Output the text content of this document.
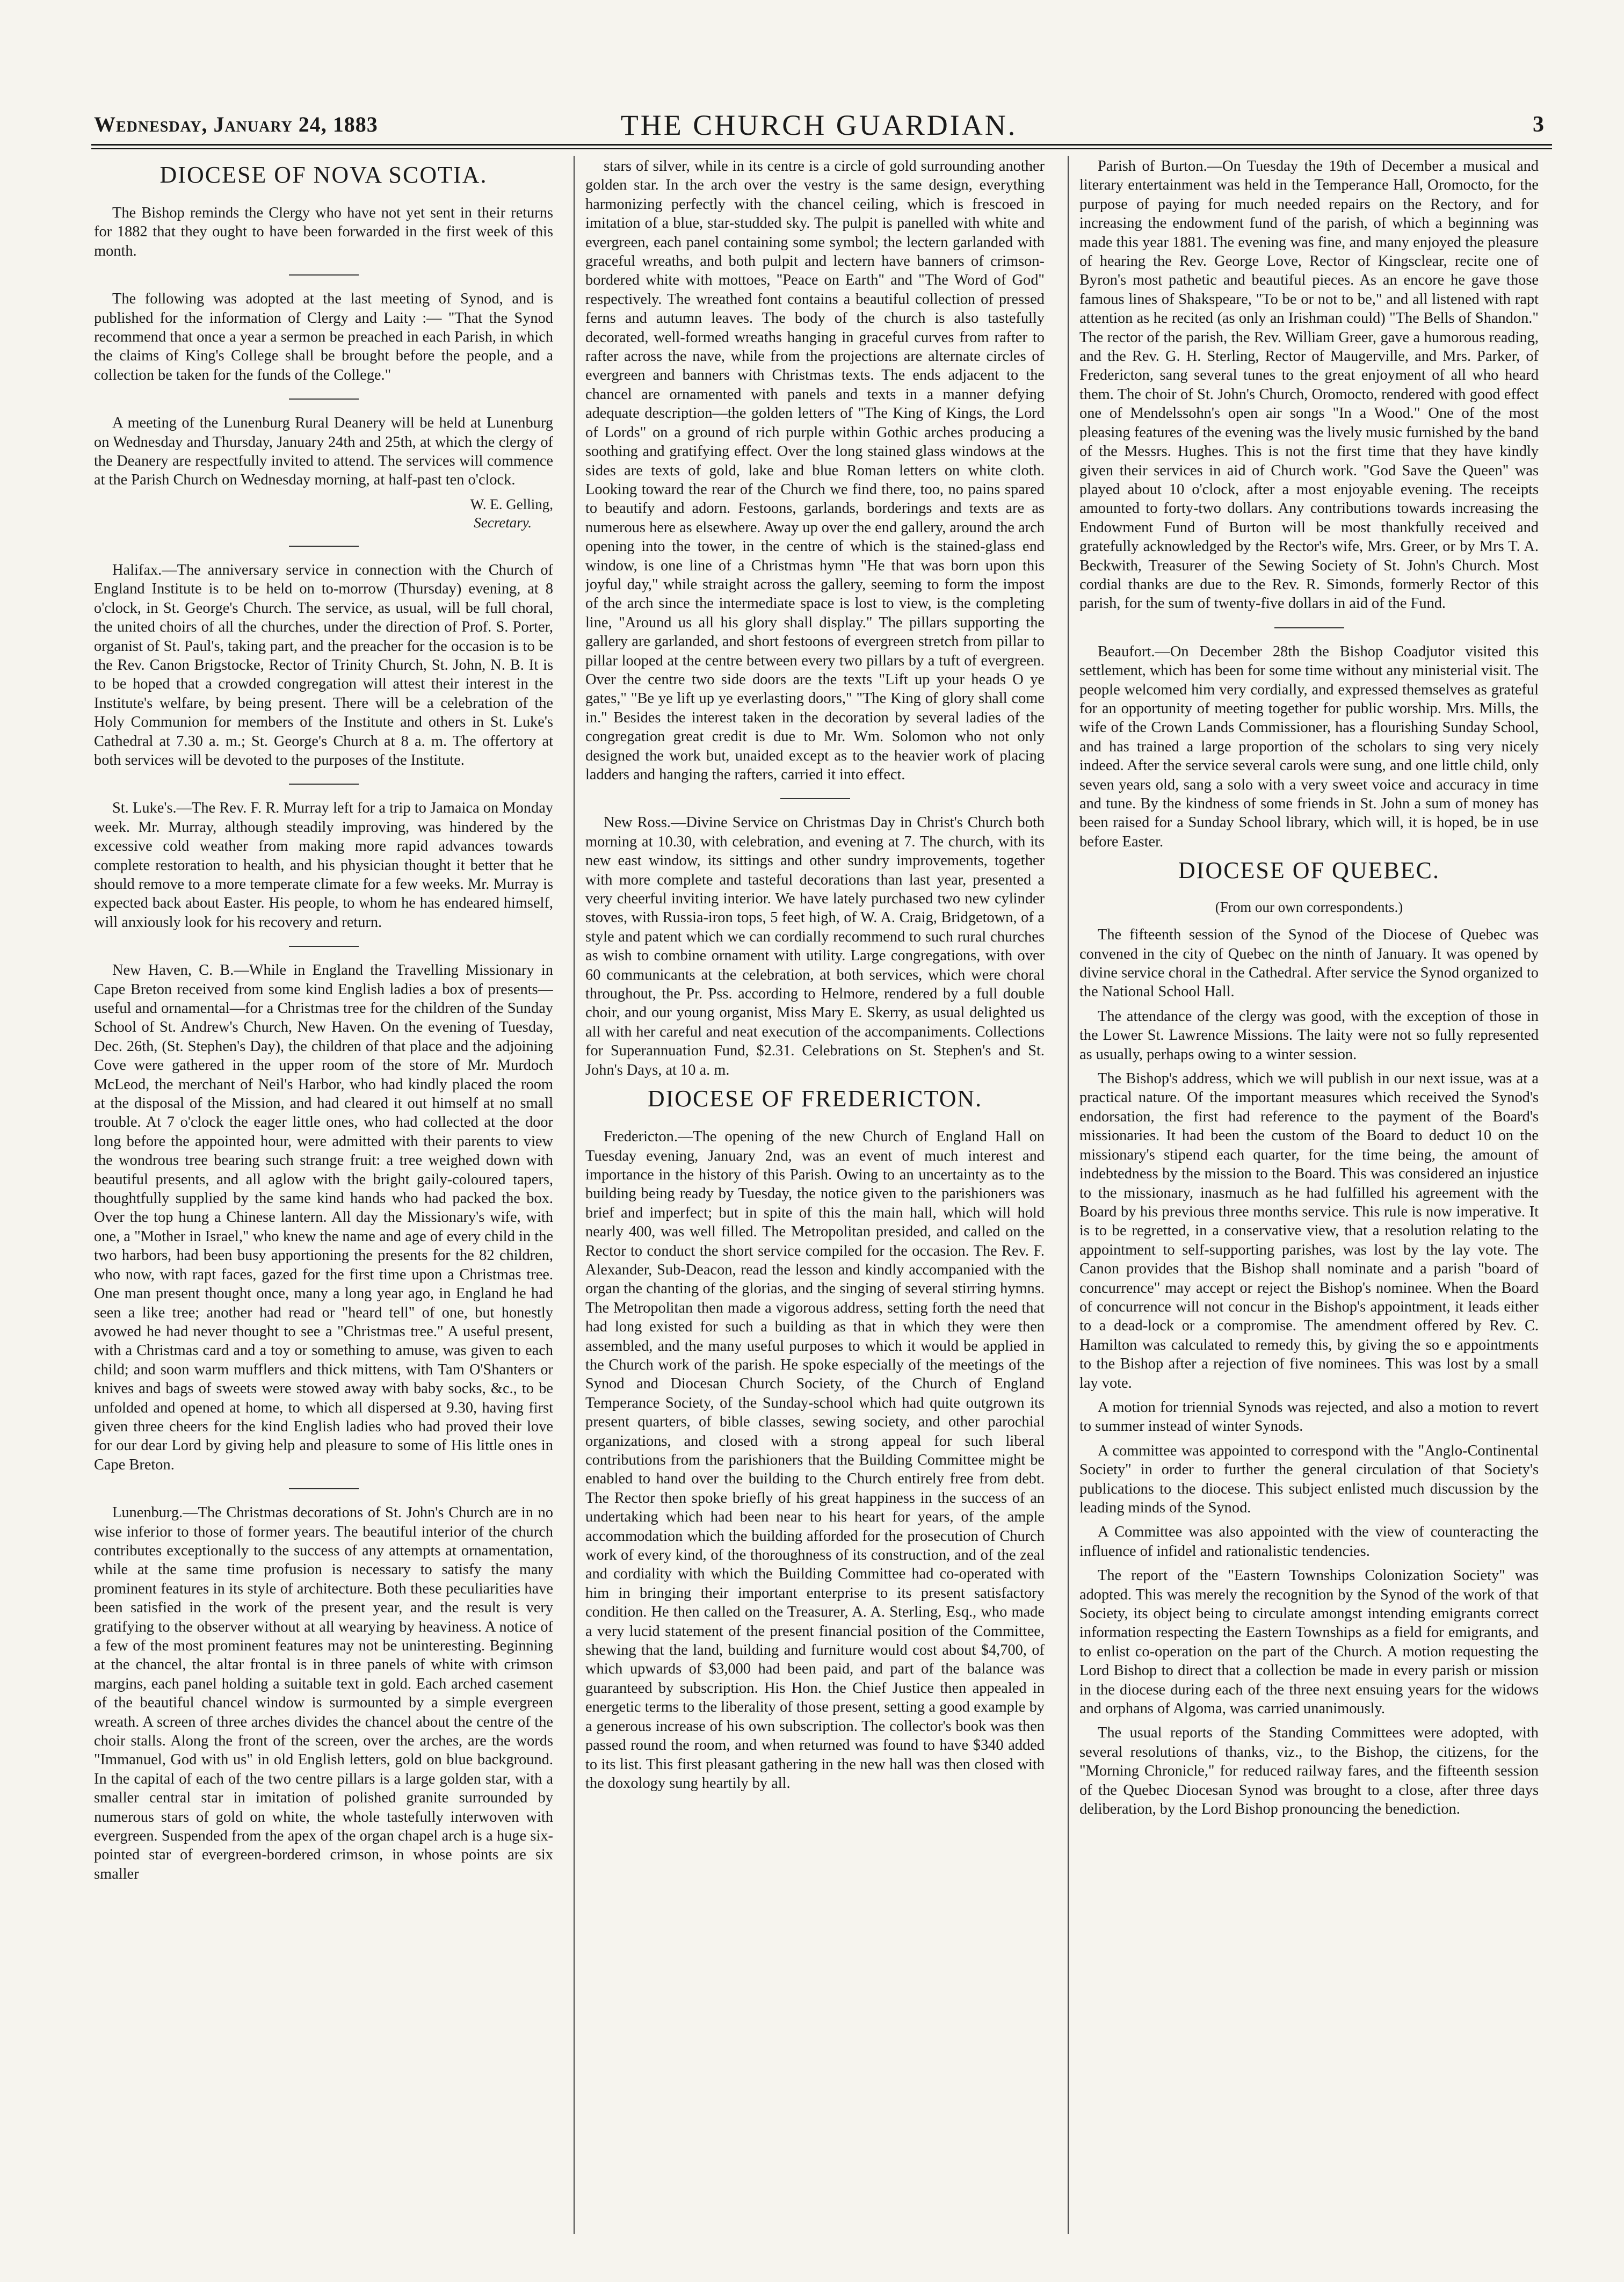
Wednesday, January 24, 1883	THE CHURCH GUARDIAN.	3
DIOCESE OF NOVA SCOTIA.

The Bishop reminds the Clergy who have not yet sent in their returns for 1882 that they ought to have been forwarded in the first week of this month.

The following was adopted at the last meeting of Synod, and is published for the information of Clergy and Laity :— "That the Synod recommend that once a year a sermon be preached in each Parish, in which the claims of King's College shall be brought before the people, and a collection be taken for the funds of the College."

A meeting of the Lunenburg Rural Deanery will be held at Lunenburg on Wednesday and Thursday, January 24th and 25th, at which the clergy of the Deanery are respectfully invited to attend. The services will commence at the Parish Church on Wednesday morning, at half-past ten o'clock.

W. E. Gelling,
Secretary.

Halifax.—The anniversary service in connection with the Church of England Institute is to be held on to-morrow (Thursday) evening, at 8 o'clock, in St. George's Church. The service, as usual, will be full choral, the united choirs of all the churches, under the direction of Prof. S. Porter, organist of St. Paul's, taking part, and the preacher for the occasion is to be the Rev. Canon Brigstocke, Rector of Trinity Church, St. John, N. B. It is to be hoped that a crowded congregation will attest their interest in the Institute's welfare, by being present. There will be a celebration of the Holy Communion for members of the Institute and others in St. Luke's Cathedral at 7.30 a. m.; St. George's Church at 8 a. m. The offertory at both services will be devoted to the purposes of the Institute.

St. Luke's.—The Rev. F. R. Murray left for a trip to Jamaica on Monday week. Mr. Murray, although steadily improving, was hindered by the excessive cold weather from making more rapid advances towards complete restoration to health, and his physician thought it better that he should remove to a more temperate climate for a few weeks. Mr. Murray is expected back about Easter. His people, to whom he has endeared himself, will anxiously look for his recovery and return.

New Haven, C. B.—While in England the Travelling Missionary in Cape Breton received from some kind English ladies a box of presents—useful and ornamental—for a Christmas tree for the children of the Sunday School of St. Andrew's Church, New Haven. On the evening of Tuesday, Dec. 26th, (St. Stephen's Day), the children of that place and the adjoining Cove were gathered in the upper room of the store of Mr. Murdoch McLeod, the merchant of Neil's Harbor, who had kindly placed the room at the disposal of the Mission, and had cleared it out himself at no small trouble. At 7 o'clock the eager little ones, who had collected at the door long before the appointed hour, were admitted with their parents to view the wondrous tree bearing such strange fruit: a tree weighed down with beautiful presents, and all aglow with the bright gaily-coloured tapers, thoughtfully supplied by the same kind hands who had packed the box. Over the top hung a Chinese lantern. All day the Missionary's wife, with one, a "Mother in Israel," who knew the name and age of every child in the two harbors, had been busy apportioning the presents for the 82 children, who now, with rapt faces, gazed for the first time upon a Christmas tree. One man present thought once, many a long year ago, in England he had seen a like tree; another had read or "heard tell" of one, but honestly avowed he had never thought to see a "Christmas tree." A useful present, with a Christmas card and a toy or something to amuse, was given to each child; and soon warm mufflers and thick mittens, with Tam O'Shanters or knives and bags of sweets were stowed away with baby socks, &c., to be unfolded and opened at home, to which all dispersed at 9.30, having first given three cheers for the kind English ladies who had proved their love for our dear Lord by giving help and pleasure to some of His little ones in Cape Breton.

Lunenburg.—The Christmas decorations of St. John's Church are in no wise inferior to those of former years. The beautiful interior of the church contributes exceptionally to the success of any attempts at ornamentation, while at the same time profusion is necessary to satisfy the many prominent features in its style of architecture. Both these peculiarities have been satisfied in the work of the present year, and the result is very gratifying to the observer without at all wearying by heaviness. A notice of a few of the most prominent features may not be uninteresting. Beginning at the chancel, the altar frontal is in three panels of white with crimson margins, each panel holding a suitable text in gold. Each arched casement of the beautiful chancel window is surmounted by a simple evergreen wreath. A screen of three arches divides the chancel about the centre of the choir stalls. Along the front of the screen, over the arches, are the words "Immanuel, God with us" in old English letters, gold on blue background. In the capital of each of the two centre pillars is a large golden star, with a smaller central star in imitation of polished granite surrounded by numerous stars of gold on white, the whole tastefully interwoven with evergreen. Suspended from the apex of the organ chapel arch is a huge six-pointed star of evergreen-bordered crimson, in whose points are six smaller

stars of silver, while in its centre is a circle of gold surrounding another golden star. In the arch over the vestry is the same design, everything harmonizing perfectly with the chancel ceiling, which is frescoed in imitation of a blue, star-studded sky. The pulpit is panelled with white and evergreen, each panel containing some symbol; the lectern garlanded with graceful wreaths, and both pulpit and lectern have banners of crimson-bordered white with mottoes, "Peace on Earth" and "The Word of God" respectively. The wreathed font contains a beautiful collection of pressed ferns and autumn leaves. The body of the church is also tastefully decorated, well-formed wreaths hanging in graceful curves from rafter to rafter across the nave, while from the projections are alternate circles of evergreen and banners with Christmas texts. The ends adjacent to the chancel are ornamented with panels and texts in a manner defying adequate description—the golden letters of "The King of Kings, the Lord of Lords" on a ground of rich purple within Gothic arches producing a soothing and gratifying effect. Over the long stained glass windows at the sides are texts of gold, lake and blue Roman letters on white cloth. Looking toward the rear of the Church we find there, too, no pains spared to beautify and adorn. Festoons, garlands, borderings and texts are as numerous here as elsewhere. Away up over the end gallery, around the arch opening into the tower, in the centre of which is the stained-glass end window, is one line of a Christmas hymn "He that was born upon this joyful day," while straight across the gallery, seeming to form the impost of the arch since the intermediate space is lost to view, is the completing line, "Around us all his glory shall display." The pillars supporting the gallery are garlanded, and short festoons of evergreen stretch from pillar to pillar looped at the centre between every two pillars by a tuft of evergreen. Over the centre two side doors are the texts "Lift up your heads O ye gates," "Be ye lift up ye everlasting doors," "The King of glory shall come in." Besides the interest taken in the decoration by several ladies of the congregation great credit is due to Mr. Wm. Solomon who not only designed the work but, unaided except as to the heavier work of placing ladders and hanging the rafters, carried it into effect.

New Ross.—Divine Service on Christmas Day in Christ's Church both morning at 10.30, with celebration, and evening at 7. The church, with its new east window, its sittings and other sundry improvements, together with more complete and tasteful decorations than last year, presented a very cheerful inviting interior. We have lately purchased two new cylinder stoves, with Russia-iron tops, 5 feet high, of W. A. Craig, Bridgetown, of a style and patent which we can cordially recommend to such rural churches as wish to combine ornament with utility. Large congregations, with over 60 communicants at the celebration, at both services, which were choral throughout, the Pr. Pss. according to Helmore, rendered by a full double choir, and our young organist, Miss Mary E. Skerry, as usual delighted us all with her careful and neat execution of the accompaniments. Collections for Superannuation Fund, $2.31. Celebrations on St. Stephen's and St. John's Days, at 10 a. m.

DIOCESE OF FREDERICTON.

Fredericton.—The opening of the new Church of England Hall on Tuesday evening, January 2nd, was an event of much interest and importance in the history of this Parish. Owing to an uncertainty as to the building being ready by Tuesday, the notice given to the parishioners was brief and imperfect; but in spite of this the main hall, which will hold nearly 400, was well filled. The Metropolitan presided, and called on the Rector to conduct the short service compiled for the occasion. The Rev. F. Alexander, Sub-Deacon, read the lesson and kindly accompanied with the organ the chanting of the glorias, and the singing of several stirring hymns. The Metropolitan then made a vigorous address, setting forth the need that had long existed for such a building as that in which they were then assembled, and the many useful purposes to which it would be applied in the Church work of the parish. He spoke especially of the meetings of the Synod and Diocesan Church Society, of the Church of England Temperance Society, of the Sunday-school which had quite outgrown its present quarters, of bible classes, sewing society, and other parochial organizations, and closed with a strong appeal for such liberal contributions from the parishioners that the Building Committee might be enabled to hand over the building to the Church entirely free from debt. The Rector then spoke briefly of his great happiness in the success of an undertaking which had been near to his heart for years, of the ample accommodation which the building afforded for the prosecution of Church work of every kind, of the thoroughness of its construction, and of the zeal and cordiality with which the Building Committee had co-operated with him in bringing their important enterprise to its present satisfactory condition. He then called on the Treasurer, A. A. Sterling, Esq., who made a very lucid statement of the present financial position of the Committee, shewing that the land, building and furniture would cost about $4,700, of which upwards of $3,000 had been paid, and part of the balance was guaranteed by subscription. His Hon. the Chief Justice then appealed in energetic terms to the liberality of those present, setting a good example by a generous increase of his own subscription. The collector's book was then passed round the room, and when returned was found to have $340 added to its list. This first pleasant gathering in the new hall was then closed with the doxology sung heartily by all.

Parish of Burton.—On Tuesday the 19th of December a musical and literary entertainment was held in the Temperance Hall, Oromocto, for the purpose of paying for much needed repairs on the Rectory, and for increasing the endowment fund of the parish, of which a beginning was made this year 1881. The evening was fine, and many enjoyed the pleasure of hearing the Rev. George Love, Rector of Kingsclear, recite one of Byron's most pathetic and beautiful pieces. As an encore he gave those famous lines of Shakspeare, "To be or not to be," and all listened with rapt attention as he recited (as only an Irishman could) "The Bells of Shandon." The rector of the parish, the Rev. William Greer, gave a humorous reading, and the Rev. G. H. Sterling, Rector of Maugerville, and Mrs. Parker, of Fredericton, sang several tunes to the great enjoyment of all who heard them. The choir of St. John's Church, Oromocto, rendered with good effect one of Mendelssohn's open air songs "In a Wood." One of the most pleasing features of the evening was the lively music furnished by the band of the Messrs. Hughes. This is not the first time that they have kindly given their services in aid of Church work. "God Save the Queen" was played about 10 o'clock, after a most enjoyable evening. The receipts amounted to forty-two dollars. Any contributions towards increasing the Endowment Fund of Burton will be most thankfully received and gratefully acknowledged by the Rector's wife, Mrs. Greer, or by Mrs T. A. Beckwith, Treasurer of the Sewing Society of St. John's Church. Most cordial thanks are due to the Rev. R. Simonds, formerly Rector of this parish, for the sum of twenty-five dollars in aid of the Fund.

Beaufort.—On December 28th the Bishop Coadjutor visited this settlement, which has been for some time without any ministerial visit. The people welcomed him very cordially, and expressed themselves as grateful for an opportunity of meeting together for public worship. Mrs. Mills, the wife of the Crown Lands Commissioner, has a flourishing Sunday School, and has trained a large proportion of the scholars to sing very nicely indeed. After the service several carols were sung, and one little child, only seven years old, sang a solo with a very sweet voice and accuracy in time and tune. By the kindness of some friends in St. John a sum of money has been raised for a Sunday School library, which will, it is hoped, be in use before Easter.

DIOCESE OF QUEBEC.
(From our own correspondents.)

The fifteenth session of the Synod of the Diocese of Quebec was convened in the city of Quebec on the ninth of January. It was opened by divine service choral in the Cathedral. After service the Synod organized to the National School Hall.

The attendance of the clergy was good, with the exception of those in the Lower St. Lawrence Missions. The laity were not so fully represented as usually, perhaps owing to a winter session.

The Bishop's address, which we will publish in our next issue, was at a practical nature. Of the important measures which received the Synod's endorsation, the first had reference to the payment of the Board's missionaries. It had been the custom of the Board to deduct 10 on the missionary's stipend each quarter, for the time being, the amount of indebtedness by the mission to the Board. This was considered an injustice to the missionary, inasmuch as he had fulfilled his agreement with the Board by his previous three months service. This rule is now imperative. It is to be regretted, in a conservative view, that a resolution relating to the appointment to self-supporting parishes, was lost by the lay vote. The Canon provides that the Bishop shall nominate and a parish "board of concurrence" may accept or reject the Bishop's nominee. When the Board of concurrence will not concur in the Bishop's appointment, it leads either to a dead-lock or a compromise. The amendment offered by Rev. C. Hamilton was calculated to remedy this, by giving the so e appointments to the Bishop after a rejection of five nominees. This was lost by a small lay vote.

A motion for triennial Synods was rejected, and also a motion to revert to summer instead of winter Synods.

A committee was appointed to correspond with the "Anglo-Continental Society" in order to further the general circulation of that Society's publications to the diocese. This subject enlisted much discussion by the leading minds of the Synod.

A Committee was also appointed with the view of counteracting the influence of infidel and rationalistic tendencies.

The report of the "Eastern Townships Colonization Society" was adopted. This was merely the recognition by the Synod of the work of that Society, its object being to circulate amongst intending emigrants correct information respecting the Eastern Townships as a field for emigrants, and to enlist co-operation on the part of the Church. A motion requesting the Lord Bishop to direct that a collection be made in every parish or mission in the diocese during each of the three next ensuing years for the widows and orphans of Algoma, was carried unanimously.

The usual reports of the Standing Committees were adopted, with several resolutions of thanks, viz., to the Bishop, the citizens, for the "Morning Chronicle," for reduced railway fares, and the fifteenth session of the Quebec Diocesan Synod was brought to a close, after three days deliberation, by the Lord Bishop pronouncing the benediction.
